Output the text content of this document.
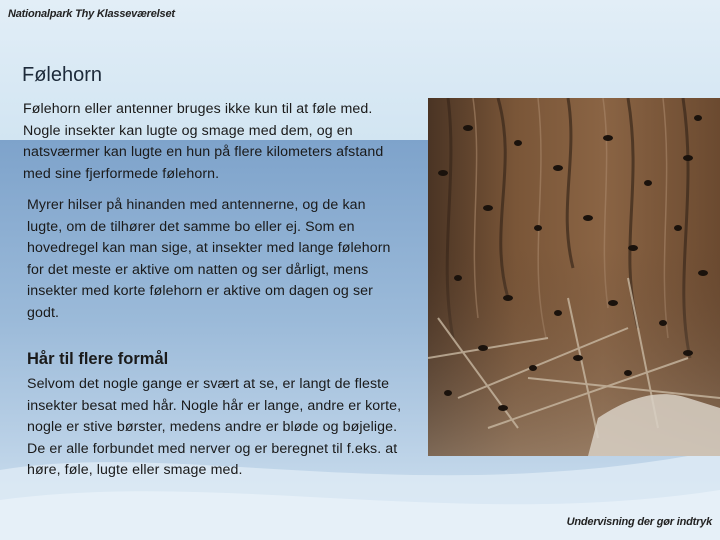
Nationalpark Thy Klasseværelset
Følehorn

Følehorn eller antenner bruges ikke kun til at føle med. Nogle insekter kan lugte og smage med dem, og en natsværmer kan lugte en hun på flere kilometers afstand med sine fjerformede følehorn.

Myrer hilser på hinanden med antennerne, og de kan lugte, om de tilhører det samme bo eller ej. Som en hovedregel kan man sige, at insekter med lange følehorn for det meste er aktive om natten og ser dårligt, mens insekter med korte følehorn er aktive om dagen og ser godt.

Hår til flere formål

Selvom det nogle gange er svært at se, er langt de fleste insekter besat med hår. Nogle hår er lange, andre er korte, nogle er stive børster, medens andre er bløde og bøjelige. De er alle forbundet med nerver og er beregnet til f.eks. at høre, føle, lugte eller smage med.

Undervisning der gør indtryk
